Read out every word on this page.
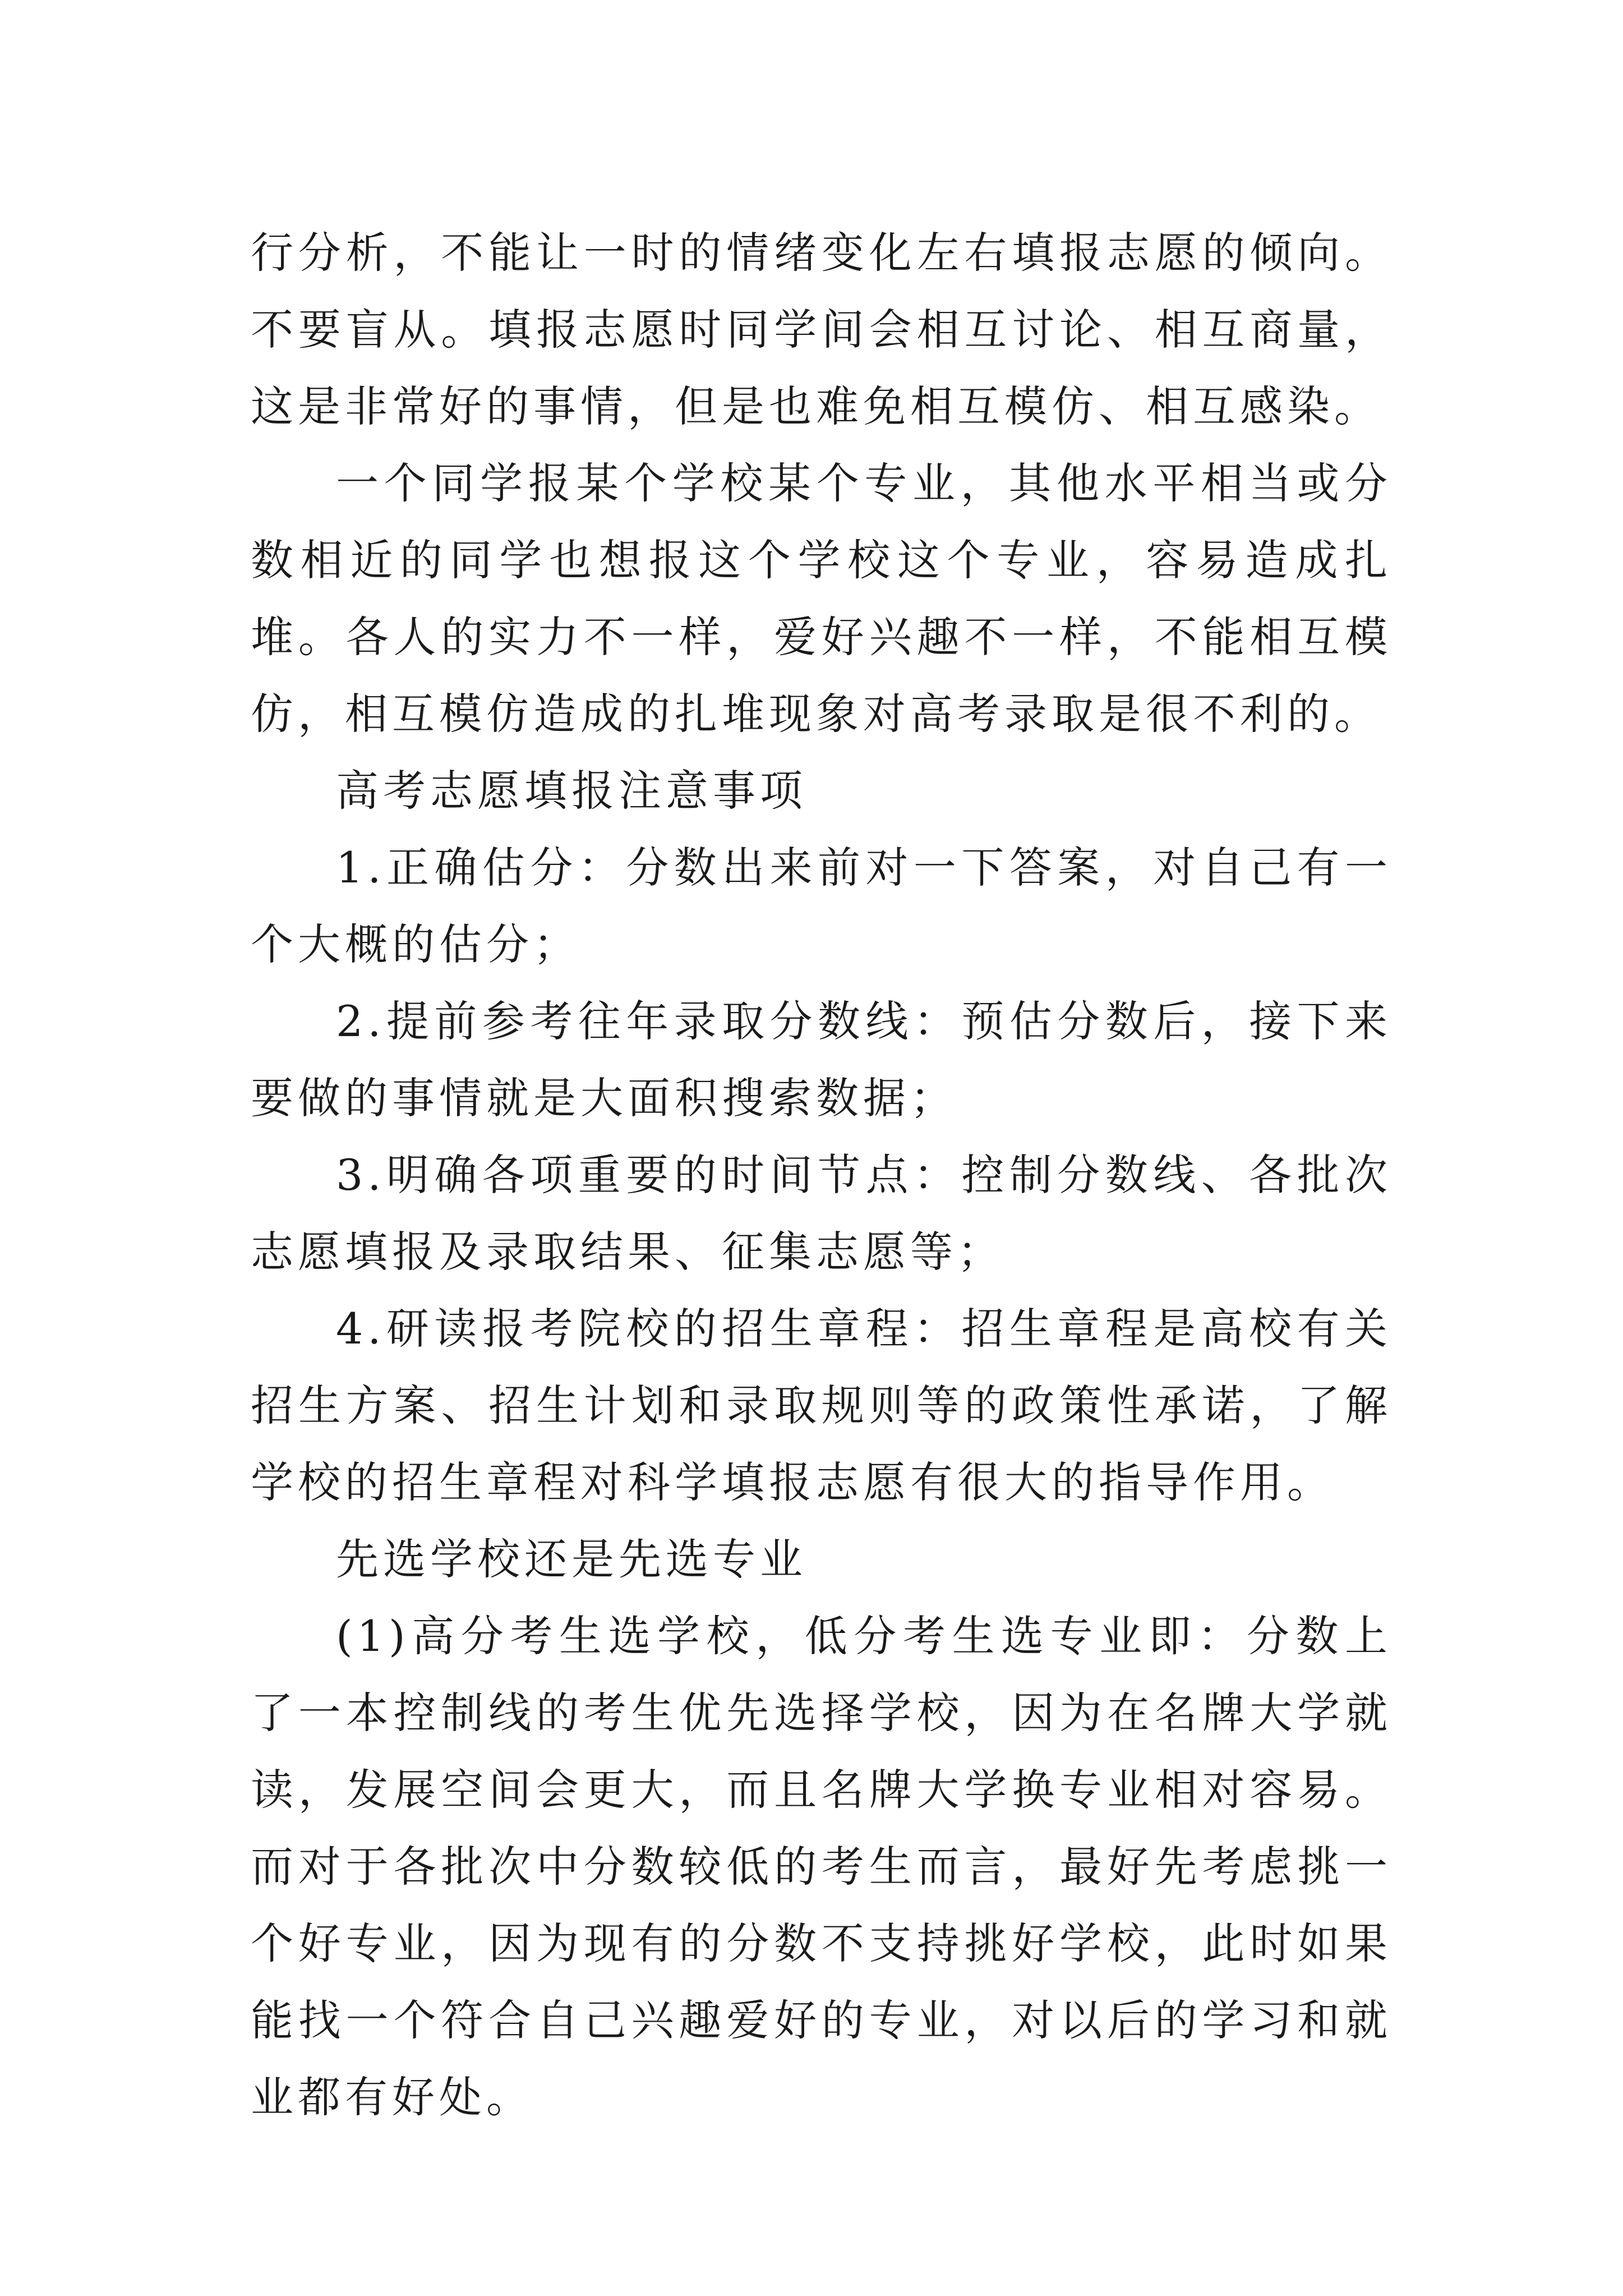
行分析，不能让一时的情绪变化左右填报志愿的倾向。不要盲从。填报志愿时同学间会相互讨论、相互商量，这是非常好的事情，但是也难免相互模仿、相互感染。

一个同学报某个学校某个专业，其他水平相当或分数相近的同学也想报这个学校这个专业，容易造成扎堆。各人的实力不一样，爱好兴趣不一样，不能相互模仿，相互模仿造成的扎堆现象对高考录取是很不利的。

高考志愿填报注意事项

1.正确估分：分数出来前对一下答案，对自己有一个大概的估分；

2.提前参考往年录取分数线：预估分数后，接下来要做的事情就是大面积搜索数据；

3.明确各项重要的时间节点：控制分数线、各批次志愿填报及录取结果、征集志愿等；

4.研读报考院校的招生章程：招生章程是高校有关招生方案、招生计划和录取规则等的政策性承诺，了解学校的招生章程对科学填报志愿有很大的指导作用。

先选学校还是先选专业

(1)高分考生选学校，低分考生选专业即：分数上了一本控制线的考生优先选择学校，因为在名牌大学就读，发展空间会更大，而且名牌大学换专业相对容易。而对于各批次中分数较低的考生而言，最好先考虑挑一个好专业，因为现有的分数不支持挑好学校，此时如果能找一个符合自己兴趣爱好的专业，对以后的学习和就业都有好处。
